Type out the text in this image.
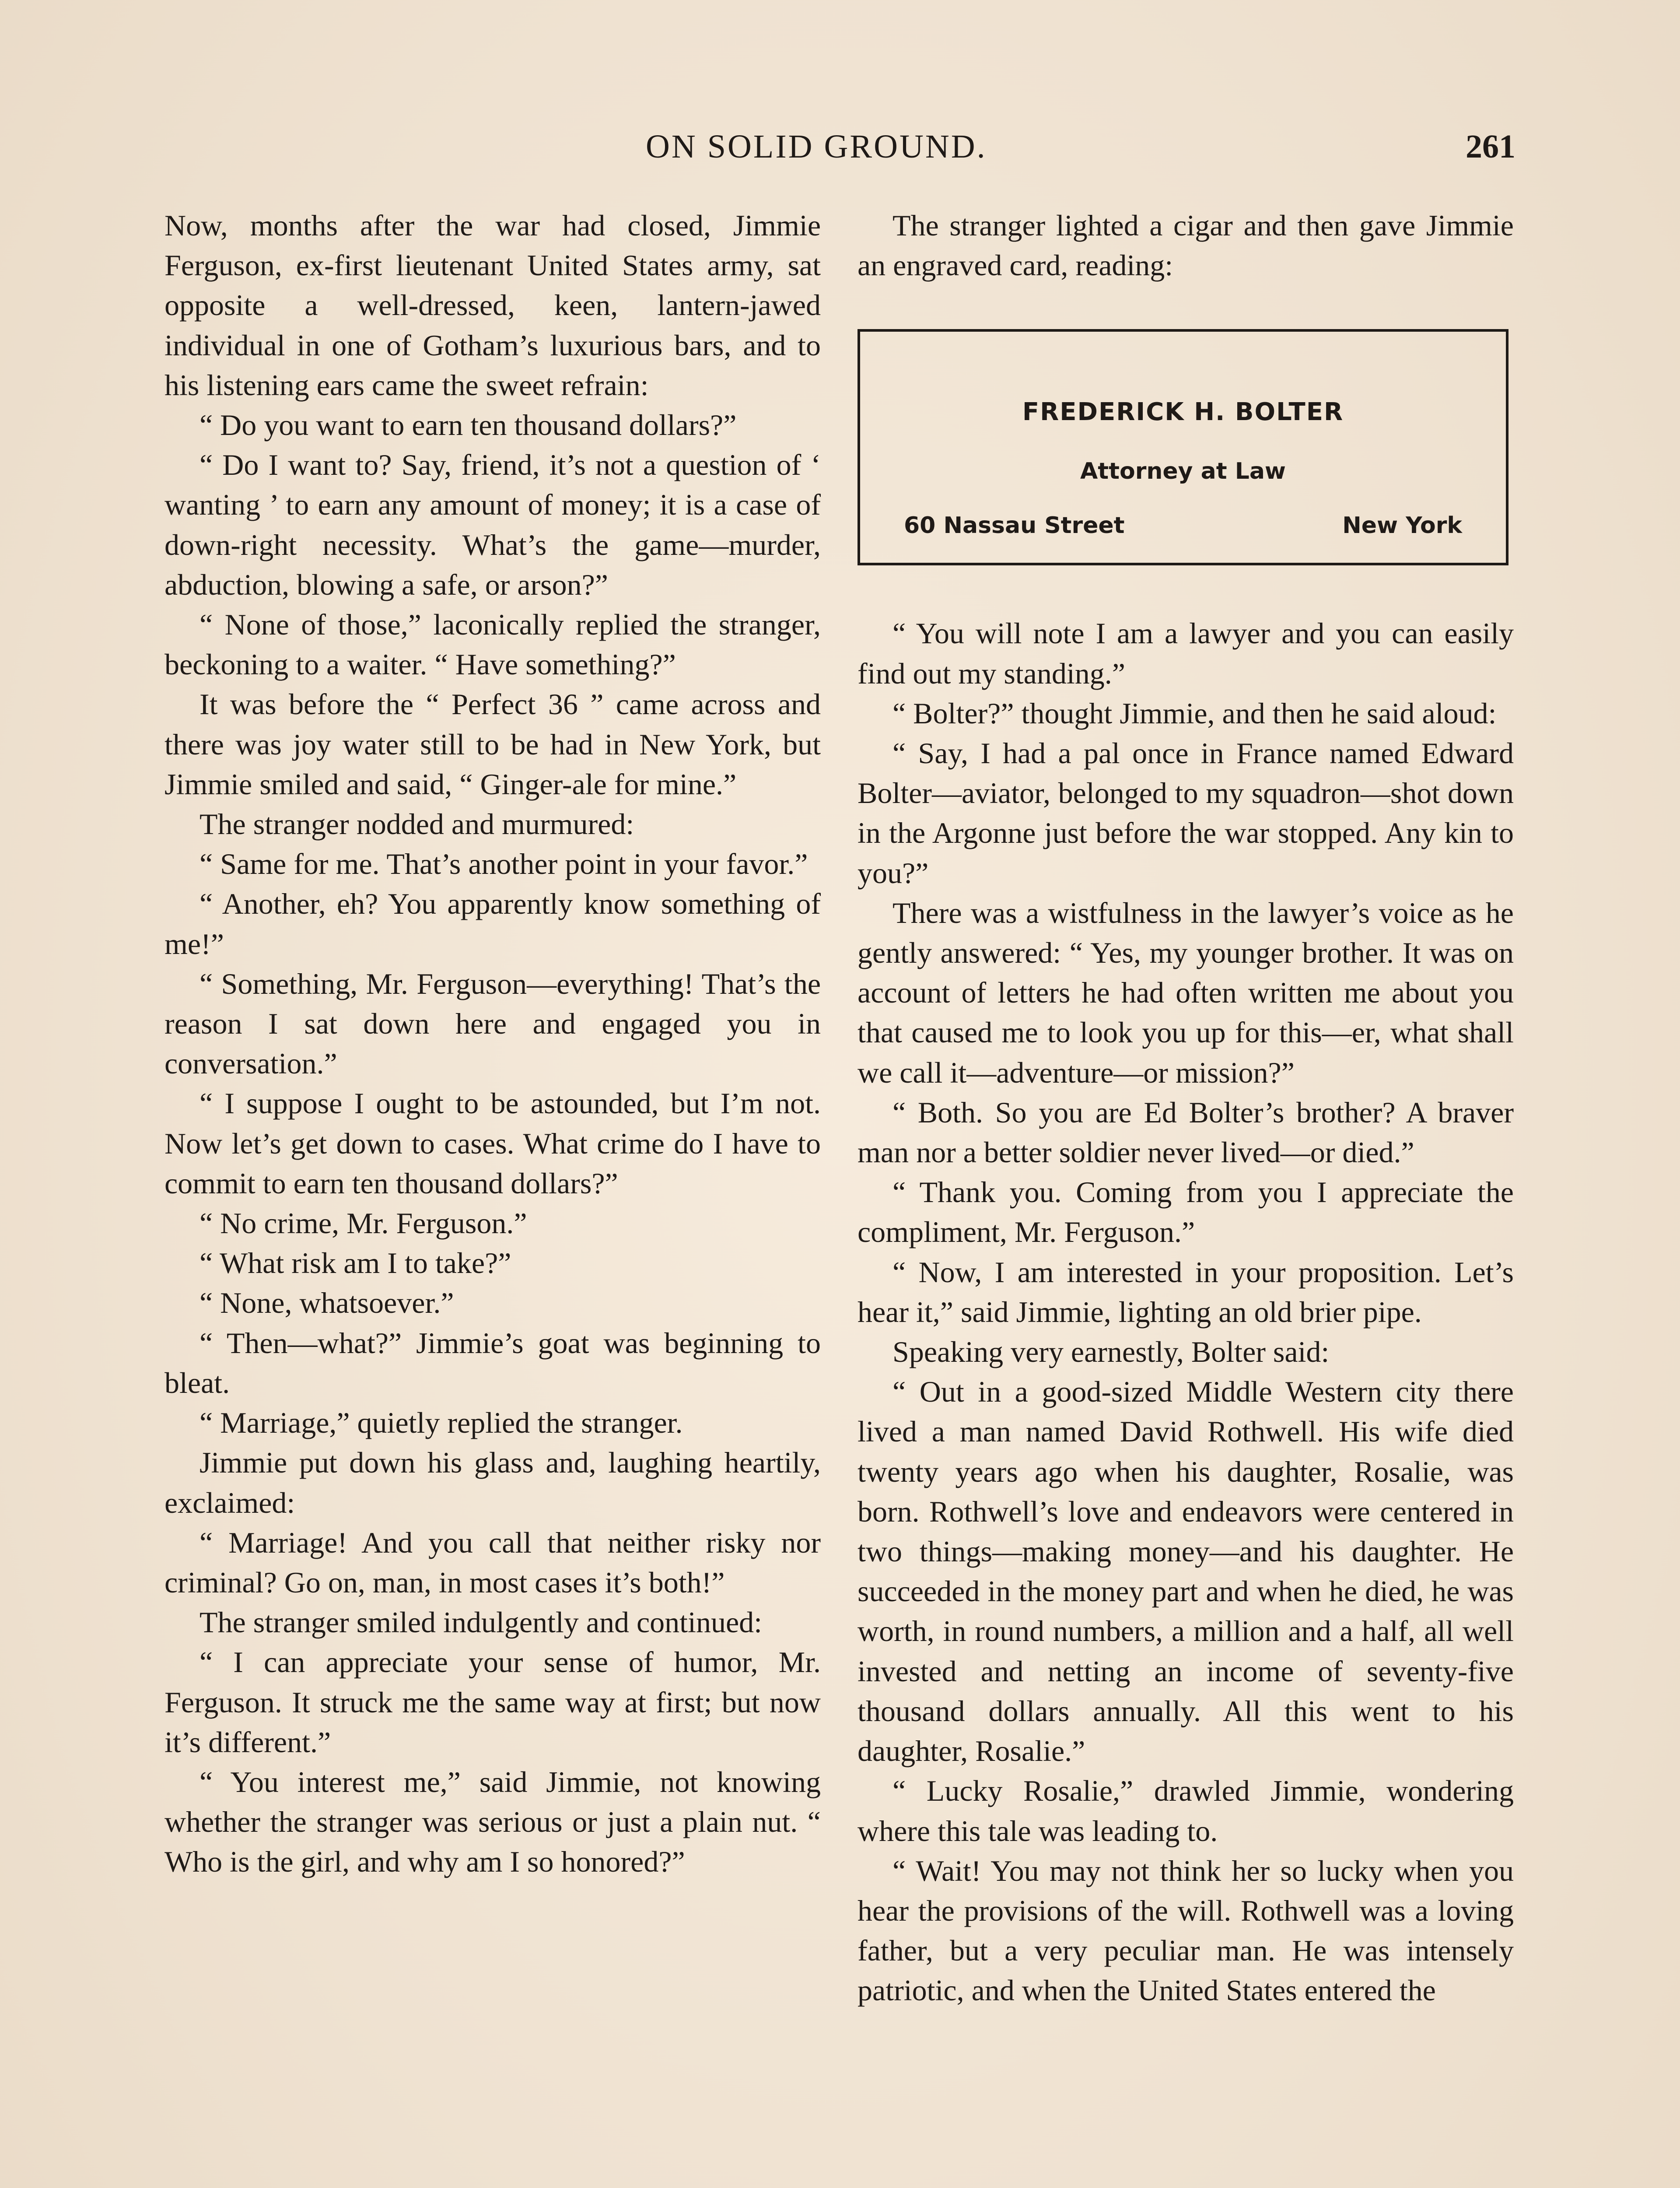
ON SOLID GROUND.	261

Now, months after the war had closed, Jimmie Ferguson, ex-first lieutenant United States army, sat opposite a well-dressed, keen, lantern-jawed individual in one of Gotham’s luxurious bars, and to his listening ears came the sweet refrain:

“ Do you want to earn ten thousand dollars?”

“ Do I want to? Say, friend, it’s not a question of ‘ wanting ’ to earn any amount of money; it is a case of down-right necessity. What’s the game—murder, abduction, blowing a safe, or arson?”

“ None of those,” laconically replied the stranger, beckoning to a waiter. “ Have something?”

It was before the “ Perfect 36 ” came across and there was joy water still to be had in New York, but Jimmie smiled and said, “ Ginger-ale for mine.”

The stranger nodded and murmured:

“ Same for me. That’s another point in your favor.”

“ Another, eh? You apparently know something of me!”

“ Something, Mr. Ferguson—everything! That’s the reason I sat down here and engaged you in conversation.”

“ I suppose I ought to be astounded, but I’m not. Now let’s get down to cases. What crime do I have to commit to earn ten thousand dollars?”

“ No crime, Mr. Ferguson.”

“ What risk am I to take?”

“ None, whatsoever.”

“ Then—what?” Jimmie’s goat was beginning to bleat.

“ Marriage,” quietly replied the stranger.

Jimmie put down his glass and, laughing heartily, exclaimed:

“ Marriage! And you call that neither risky nor criminal? Go on, man, in most cases it’s both!”

The stranger smiled indulgently and continued:

“ I can appreciate your sense of humor, Mr. Ferguson. It struck me the same way at first; but now it’s different.”

“ You interest me,” said Jimmie, not knowing whether the stranger was serious or just a plain nut. “ Who is the girl, and why am I so honored?”

The stranger lighted a cigar and then gave Jimmie an engraved card, reading:

FREDERICK H. BOLTER
Attorney at Law
60 Nassau Street	New York

“ You will note I am a lawyer and you can easily find out my standing.”

“ Bolter?” thought Jimmie, and then he said aloud:

“ Say, I had a pal once in France named Edward Bolter—aviator, belonged to my squadron—shot down in the Argonne just before the war stopped. Any kin to you?”

There was a wistfulness in the lawyer’s voice as he gently answered: “ Yes, my younger brother. It was on account of letters he had often written me about you that caused me to look you up for this—er, what shall we call it—adventure—or mission?”

“ Both. So you are Ed Bolter’s brother? A braver man nor a better soldier never lived—or died.”

“ Thank you. Coming from you I appreciate the compliment, Mr. Ferguson.”

“ Now, I am interested in your proposition. Let’s hear it,” said Jimmie, lighting an old brier pipe.

Speaking very earnestly, Bolter said:

“ Out in a good-sized Middle Western city there lived a man named David Rothwell. His wife died twenty years ago when his daughter, Rosalie, was born. Rothwell’s love and endeavors were centered in two things—making money—and his daughter. He succeeded in the money part and when he died, he was worth, in round numbers, a million and a half, all well invested and netting an income of seventy-five thousand dollars annually. All this went to his daughter, Rosalie.”

“ Lucky Rosalie,” drawled Jimmie, wondering where this tale was leading to.

“ Wait! You may not think her so lucky when you hear the provisions of the will. Rothwell was a loving father, but a very peculiar man. He was intensely patriotic, and when the United States entered the
